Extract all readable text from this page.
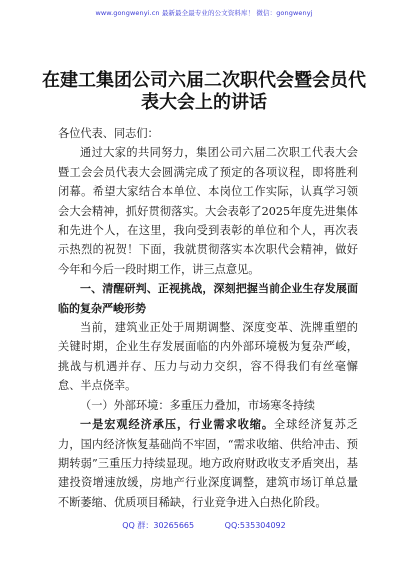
www.gongwenyi.cn 最新最全最专业的公文资料库！ 微信：gongwenyj
在建工集团公司六届二次职代会暨会员代表大会上的讲话

各位代表、同志们：

通过大家的共同努力，集团公司六届二次职工代表大会暨工会会员代表大会圆满完成了预定的各项议程，即将胜利闭幕。希望大家结合本单位、本岗位工作实际，认真学习领会大会精神，抓好贯彻落实。大会表彰了2025年度先进集体和先进个人，在这里，我向受到表彰的单位和个人，再次表示热烈的祝贺！下面，我就贯彻落实本次职代会精神，做好今年和今后一段时期工作，讲三点意见。

一、清醒研判、正视挑战，深刻把握当前企业生存发展面临的复杂严峻形势

当前，建筑业正处于周期调整、深度变革、洗牌重塑的关键时期，企业生存发展面临的内外部环境极为复杂严峻，挑战与机遇并存、压力与动力交织，容不得我们有丝毫懈怠、半点侥幸。

（一）外部环境：多重压力叠加，市场寒冬持续

一是宏观经济承压，行业需求收缩。全球经济复苏乏力，国内经济恢复基础尚不牢固，“需求收缩、供给冲击、预期转弱”三重压力持续显现。地方政府财政收支矛盾突出，基建投资增速放缓，房地产行业深度调整，建筑市场订单总量不断萎缩、优质项目稀缺，行业竞争进入白热化阶段。

QQ 群：30265665	QQ:535304092
